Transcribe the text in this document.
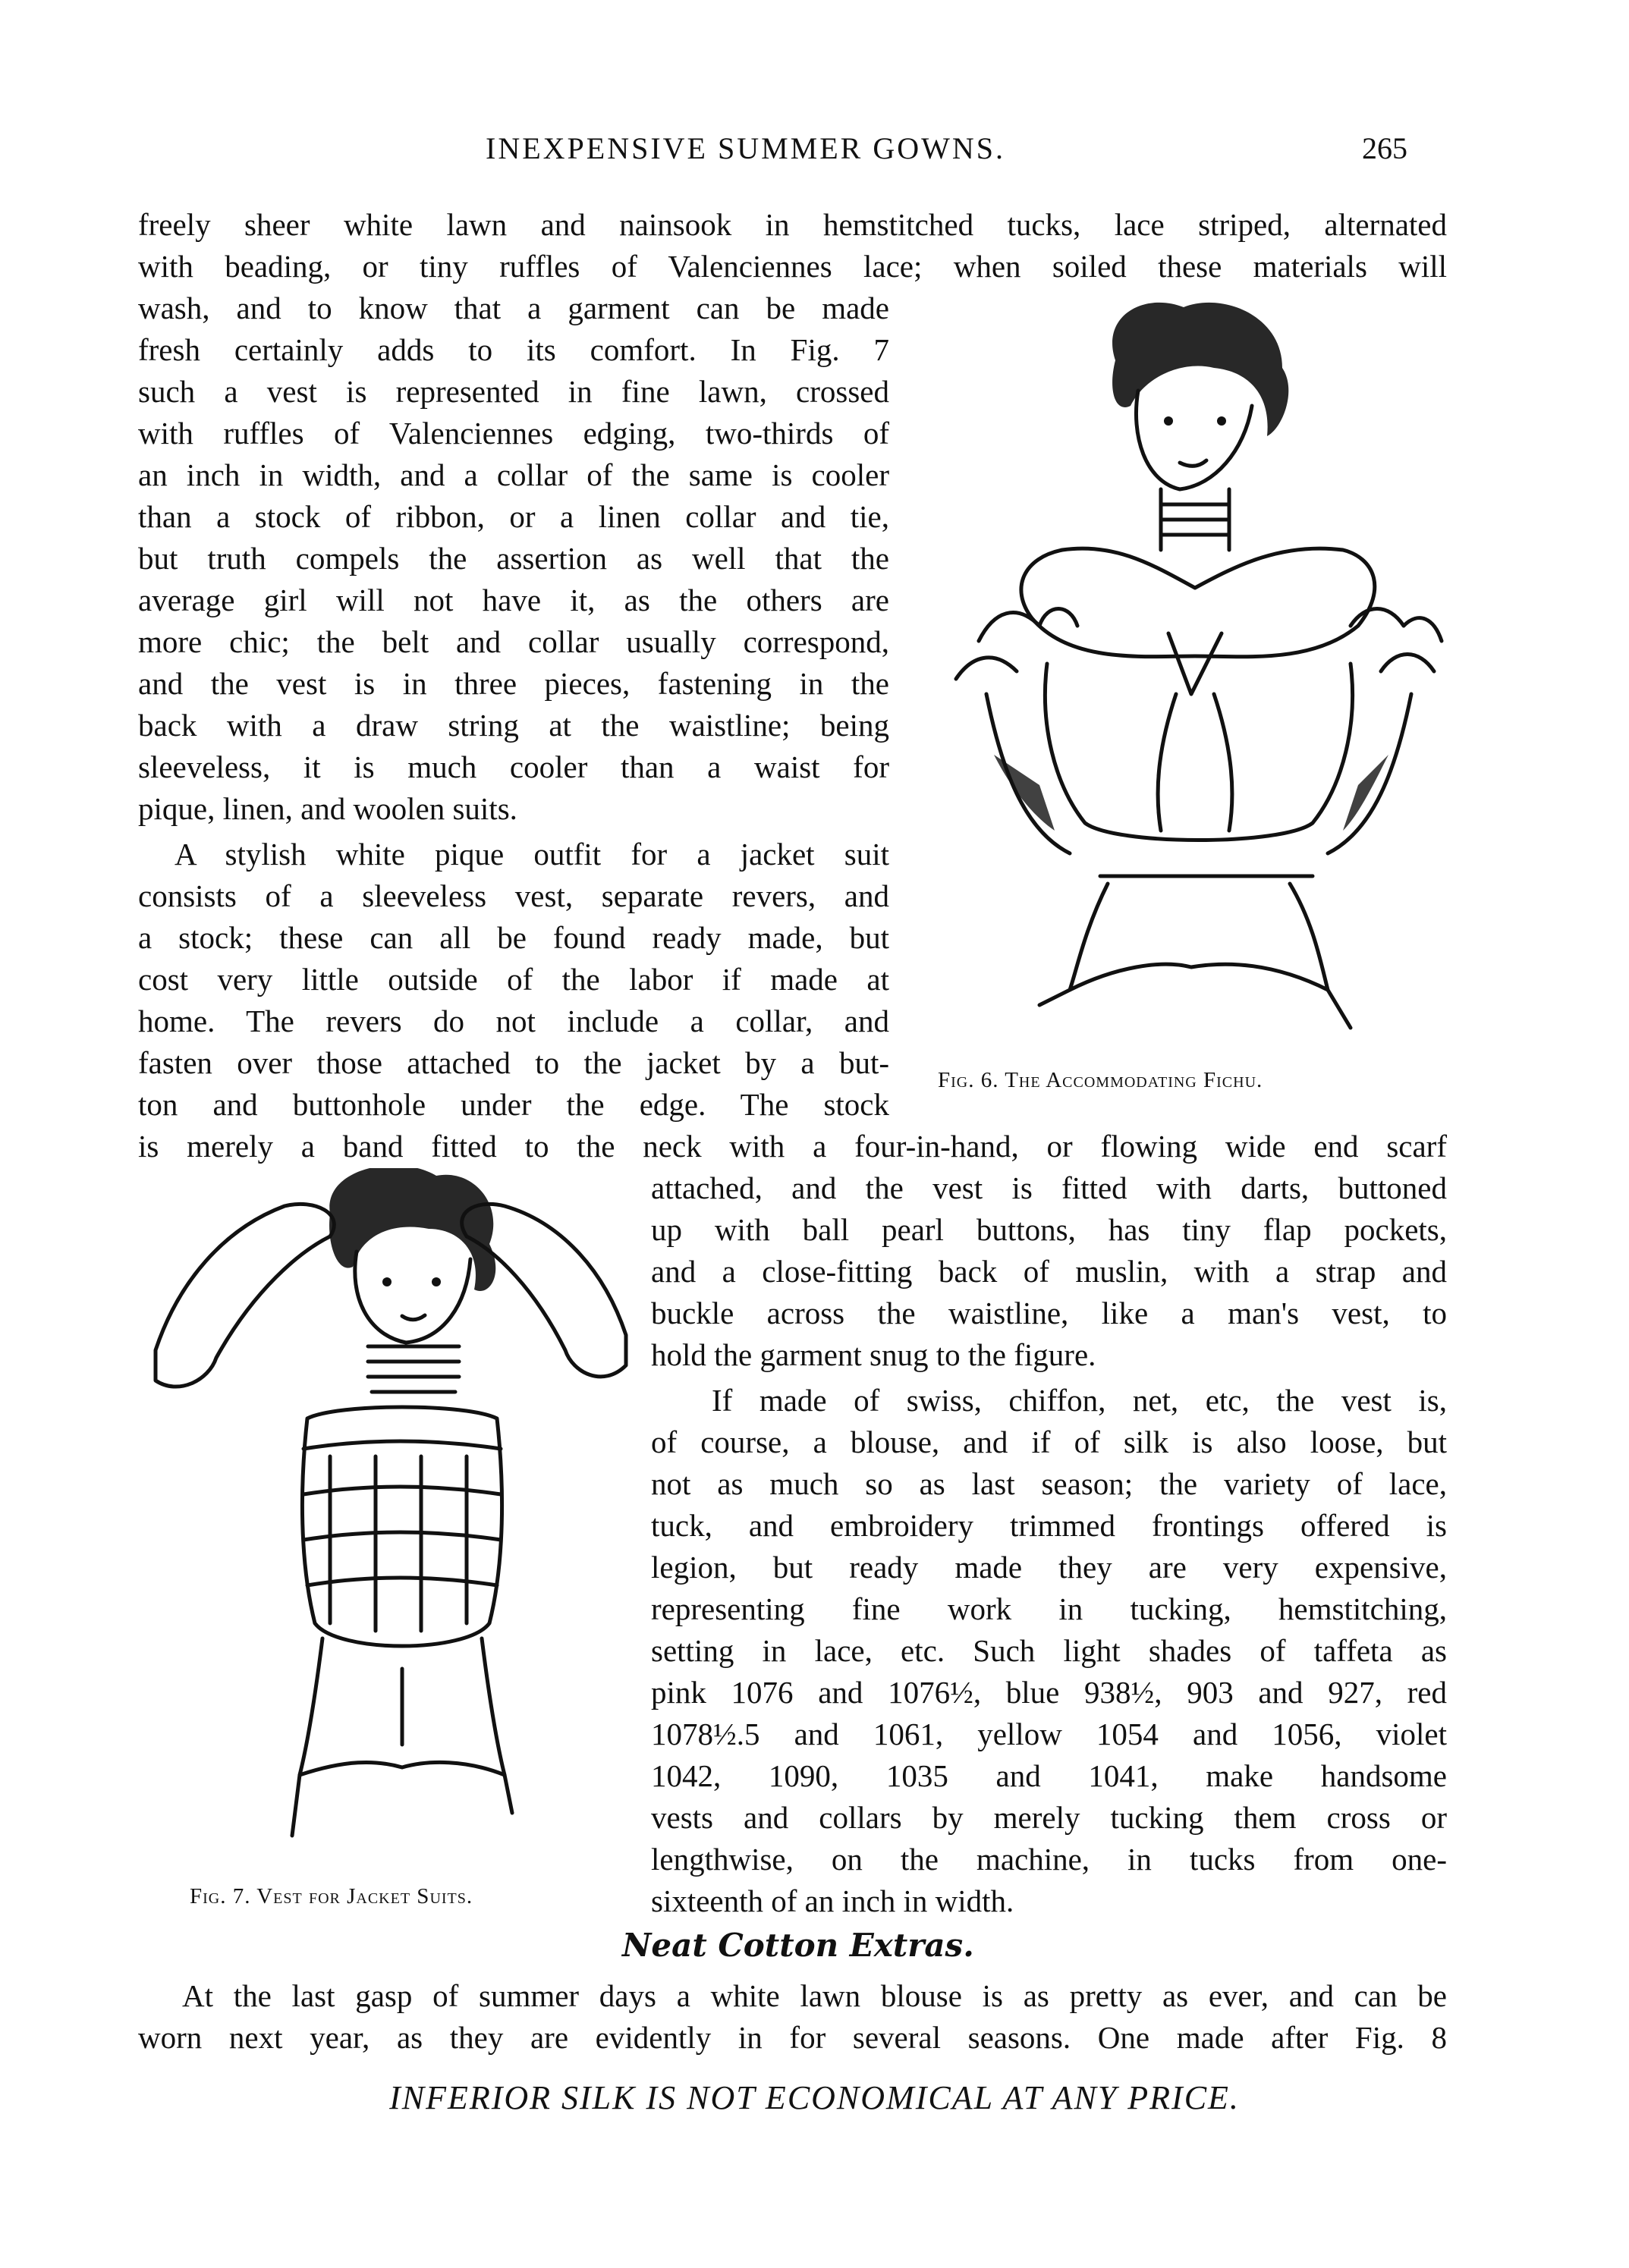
INEXPENSIVE SUMMER GOWNS.	265
freely sheer white lawn and nainsook in hemstitched tucks, lace striped, alternated
with beading, or tiny ruffles of Valenciennes lace; when soiled these materials will
wash, and to know that a garment can be made
fresh certainly adds to its comfort. In Fig. 7
such a vest is represented in fine lawn, crossed
with ruffles of Valenciennes edging, two-thirds of
an inch in width, and a collar of the same is cooler
than a stock of ribbon, or a linen collar and tie,
but truth compels the assertion as well that the
average girl will not have it, as the others are
more chic; the belt and collar usually correspond,
and the vest is in three pieces, fastening in the
back with a draw string at the waistline; being
sleeveless, it is much cooler than a waist for
pique, linen, and woolen suits.
A stylish white pique outfit for a jacket suit
consists of a sleeveless vest, separate revers, and
a stock; these can all be found ready made, but
cost very little outside of the labor if made at
home. The revers do not include a collar, and
fasten over those attached to the jacket by a but-
ton and buttonhole under the edge. The stock
is merely a band fitted to the neck with a four-in-hand, or flowing wide end scarf
attached, and the vest is fitted with darts, buttoned
up with ball pearl buttons, has tiny flap pockets,
and a close-fitting back of muslin, with a strap and
buckle across the waistline, like a man's vest, to
hold the garment snug to the figure.
If made of swiss, chiffon, net, etc, the vest is,
of course, a blouse, and if of silk is also loose, but
not as much so as last season; the variety of lace,
tuck, and embroidery trimmed frontings offered is
legion, but ready made they are very expensive,
representing fine work in tucking, hemstitching,
setting in lace, etc. Such light shades of taffeta as
pink 1076 and 1076½, blue 938½, 903 and 927, red
1078½.5 and 1061, yellow 1054 and 1056, violet
1042, 1090, 1035 and 1041, make handsome
vests and collars by merely tucking them cross or
lengthwise, on the machine, in tucks from one-
sixteenth of an inch in width.
Fig. 6. The Accommodating Fichu.
Fig. 7. Vest for Jacket Suits.
Neat Cotton Extras.
At the last gasp of summer days a white lawn blouse is as pretty as ever, and can be
worn next year, as they are evidently in for several seasons. One made after Fig. 8
INFERIOR SILK IS NOT ECONOMICAL AT ANY PRICE.
